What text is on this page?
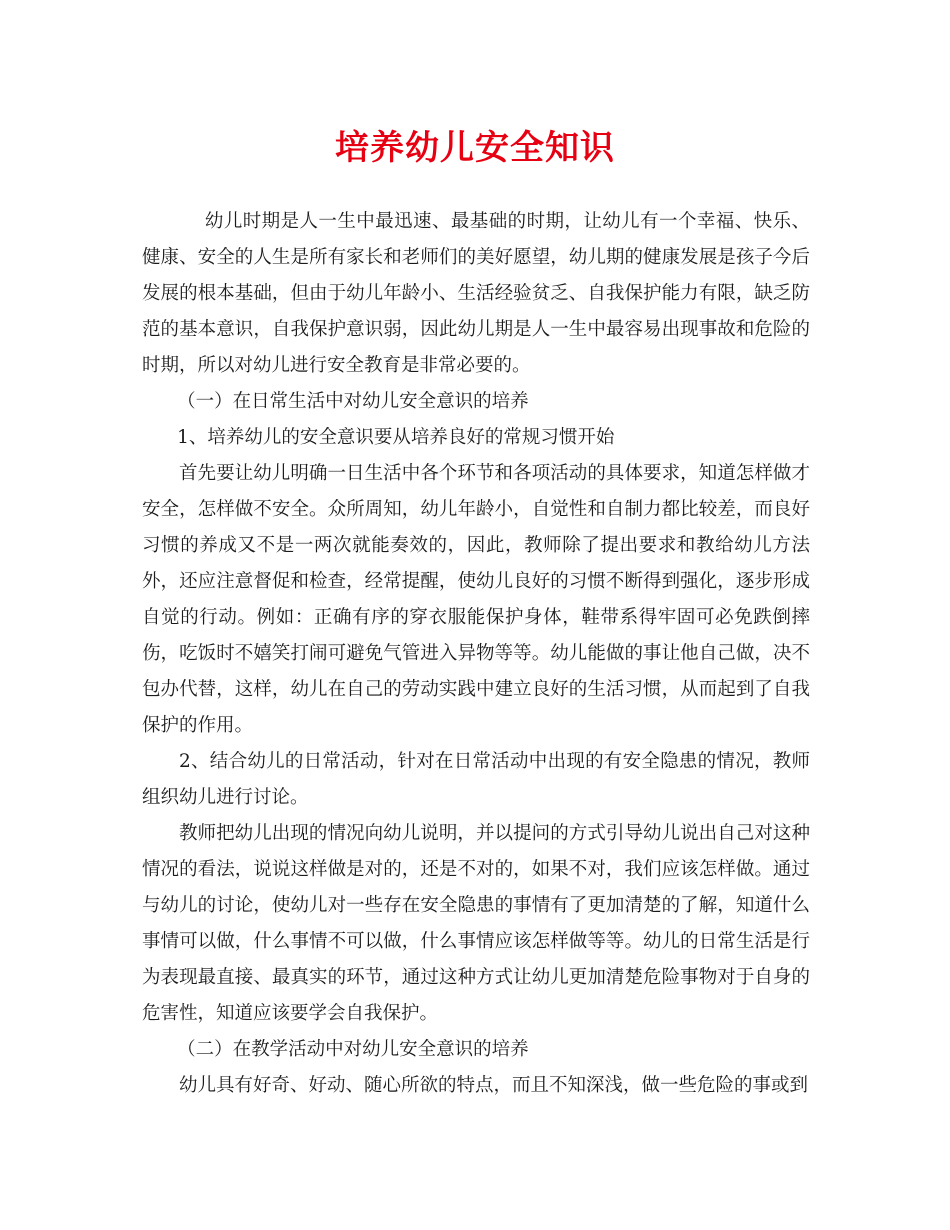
培养幼儿安全知识

幼儿时期是人一生中最迅速、最基础的时期，让幼儿有一个幸福、快乐、健康、安全的人生是所有家长和老师们的美好愿望，幼儿期的健康发展是孩子今后发展的根本基础，但由于幼儿年龄小、生活经验贫乏、自我保护能力有限，缺乏防范的基本意识，自我保护意识弱，因此幼儿期是人一生中最容易出现事故和危险的时期，所以对幼儿进行安全教育是非常必要的。

（一）在日常生活中对幼儿安全意识的培养

1、培养幼儿的安全意识要从培养良好的常规习惯开始

首先要让幼儿明确一日生活中各个环节和各项活动的具体要求，知道怎样做才安全，怎样做不安全。众所周知，幼儿年龄小，自觉性和自制力都比较差，而良好习惯的养成又不是一两次就能奏效的，因此，教师除了提出要求和教给幼儿方法外，还应注意督促和检查，经常提醒，使幼儿良好的习惯不断得到强化，逐步形成自觉的行动。例如：正确有序的穿衣服能保护身体，鞋带系得牢固可必免跌倒摔伤，吃饭时不嬉笑打闹可避免气管进入异物等等。幼儿能做的事让他自己做，决不包办代替，这样，幼儿在自己的劳动实践中建立良好的生活习惯，从而起到了自我保护的作用。

2、结合幼儿的日常活动，针对在日常活动中出现的有安全隐患的情况，教师组织幼儿进行讨论。

教师把幼儿出现的情况向幼儿说明，并以提问的方式引导幼儿说出自己对这种情况的看法，说说这样做是对的，还是不对的，如果不对，我们应该怎样做。通过与幼儿的讨论，使幼儿对一些存在安全隐患的事情有了更加清楚的了解，知道什么事情可以做，什么事情不可以做，什么事情应该怎样做等等。幼儿的日常生活是行为表现最直接、最真实的环节，通过这种方式让幼儿更加清楚危险事物对于自身的危害性，知道应该要学会自我保护。

（二）在教学活动中对幼儿安全意识的培养

幼儿具有好奇、好动、随心所欲的特点，而且不知深浅，做一些危险的事或到
